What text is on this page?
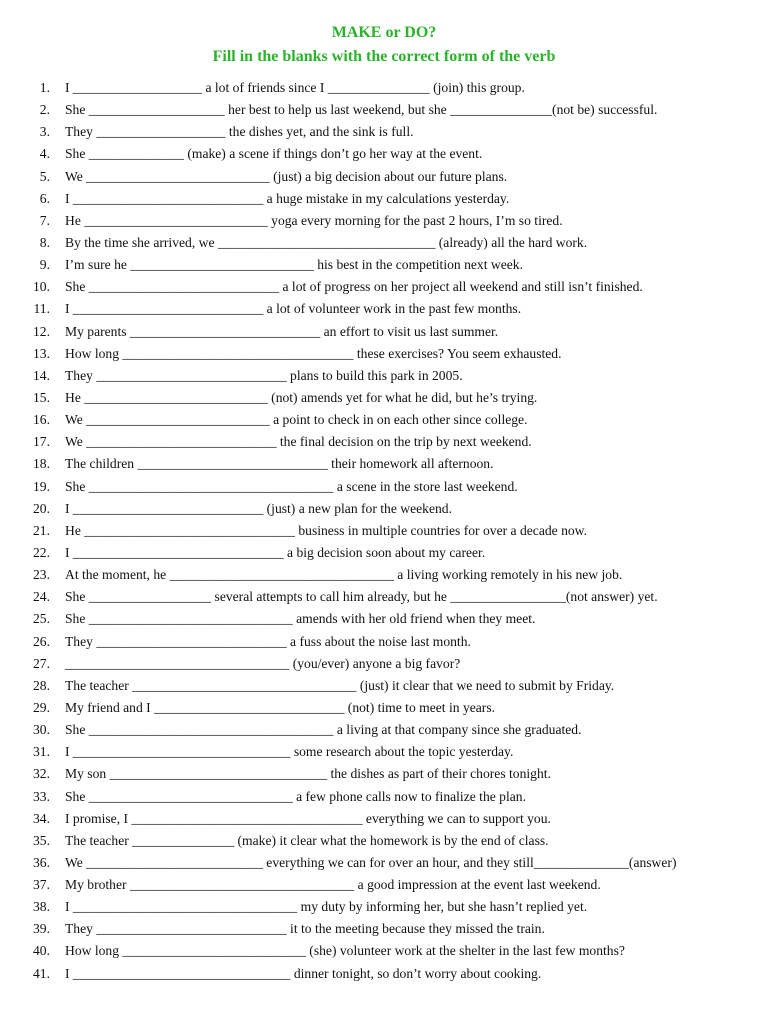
MAKE or DO?
Fill in the blanks with the correct form of the verb
1. I ___________________ a lot of friends since I _______________ (join) this group.
2. She ____________________ her best to help us last weekend, but she _______________(not be) successful.
3. They ___________________ the dishes yet, and the sink is full.
4. She ______________ (make) a scene if things don’t go her way at the event.
5. We ___________________________ (just) a big decision about our future plans.
6. I ____________________________ a huge mistake in my calculations yesterday.
7. He ___________________________ yoga every morning for the past 2 hours, I’m so tired.
8. By the time she arrived, we ________________________________ (already) all the hard work.
9. I’m sure he ___________________________ his best in the competition next week.
10. She ____________________________ a lot of progress on her project all weekend and still isn’t finished.
11. I ____________________________ a lot of volunteer work in the past few months.
12. My parents ____________________________ an effort to visit us last summer.
13. How long __________________________________ these exercises? You seem exhausted.
14. They ____________________________ plans to build this park in 2005.
15. He ___________________________ (not) amends yet for what he did, but he’s trying.
16. We ___________________________ a point to check in on each other since college.
17. We ____________________________ the final decision on the trip by next weekend.
18. The children ____________________________ their homework all afternoon.
19. She ____________________________________ a scene in the store last weekend.
20. I ____________________________ (just) a new plan for the weekend.
21. He _______________________________ business in multiple countries for over a decade now.
22. I _______________________________ a big decision soon about my career.
23. At the moment, he _________________________________ a living working remotely in his new job.
24. She __________________ several attempts to call him already, but he _________________(not answer) yet.
25. She ______________________________ amends with her old friend when they meet.
26. They ____________________________ a fuss about the noise last month.
27. _________________________________ (you/ever) anyone a big favor?
28. The teacher _________________________________ (just) it clear that we need to submit by Friday.
29. My friend and I ____________________________ (not) time to meet in years.
30. She ____________________________________ a living at that company since she graduated.
31. I ________________________________ some research about the topic yesterday.
32. My son ________________________________ the dishes as part of their chores tonight.
33. She ______________________________ a few phone calls now to finalize the plan.
34. I promise, I __________________________________ everything we can to support you.
35. The teacher _______________ (make) it clear what the homework is by the end of class.
36. We __________________________ everything we can for over an hour, and they still______________(answer)
37. My brother _________________________________ a good impression at the event last weekend.
38. I _________________________________ my duty by informing her, but she hasn’t replied yet.
39. They ____________________________ it to the meeting because they missed the train.
40. How long ___________________________ (she) volunteer work at the shelter in the last few months?
41. I ________________________________ dinner tonight, so don’t worry about cooking.
